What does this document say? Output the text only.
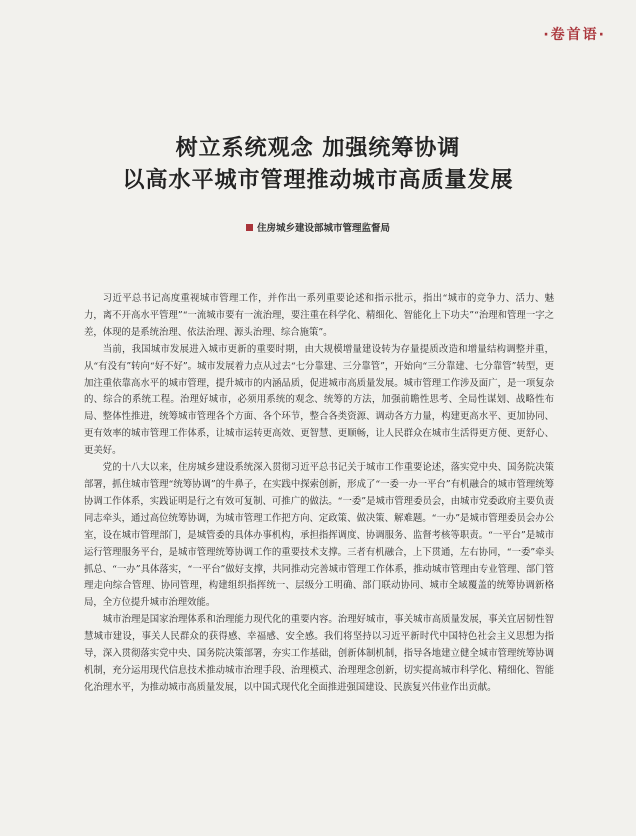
·卷首语·
树立系统观念 加强统筹协调
以高水平城市管理推动城市高质量发展
住房城乡建设部城市管理监督局

习近平总书记高度重视城市管理工作，并作出一系列重要论述和指示批示，指出“城市的竞争力、活力、魅力，离不开高水平管理”“一流城市要有一流治理，要注重在科学化、精细化、智能化上下功夫”“治理和管理一字之差，体现的是系统治理、依法治理、源头治理、综合施策”。

当前，我国城市发展进入城市更新的重要时期，由大规模增量建设转为存量提质改造和增量结构调整并重，从“有没有”转向“好不好”。城市发展着力点从过去“七分靠建、三分靠管”，开始向“三分靠建、七分靠管”转型，更加注重依靠高水平的城市管理，提升城市的内涵品质，促进城市高质量发展。城市管理工作涉及面广，是一项复杂的、综合的系统工程。治理好城市，必须用系统的观念、统筹的方法，加强前瞻性思考、全局性谋划、战略性布局、整体性推进，统筹城市管理各个方面、各个环节，整合各类资源、调动各方力量，构建更高水平、更加协同、更有效率的城市管理工作体系，让城市运转更高效、更智慧、更顺畅，让人民群众在城市生活得更方便、更舒心、更美好。

党的十八大以来，住房城乡建设系统深入贯彻习近平总书记关于城市工作重要论述，落实党中央、国务院决策部署，抓住城市管理“统筹协调”的牛鼻子，在实践中探索创新，形成了“一委一办一平台”有机融合的城市管理统筹协调工作体系，实践证明是行之有效可复制、可推广的做法。“一委”是城市管理委员会，由城市党委政府主要负责同志牵头，通过高位统筹协调，为城市管理工作把方向、定政策、做决策、解难题。“一办”是城市管理委员会办公室，设在城市管理部门，是城管委的具体办事机构，承担指挥调度、协调服务、监督考核等职责。“一平台”是城市运行管理服务平台，是城市管理统筹协调工作的重要技术支撑。三者有机融合，上下贯通，左右协同，“一委”牵头抓总、“一办”具体落实，“一平台”做好支撑，共同推动完善城市管理工作体系，推动城市管理由专业管理、部门管理走向综合管理、协同管理，构建组织指挥统一、层级分工明确、部门联动协同、城市全域覆盖的统筹协调新格局，全方位提升城市治理效能。

城市治理是国家治理体系和治理能力现代化的重要内容。治理好城市，事关城市高质量发展，事关宜居韧性智慧城市建设，事关人民群众的获得感、幸福感、安全感。我们将坚持以习近平新时代中国特色社会主义思想为指导，深入贯彻落实党中央、国务院决策部署，夯实工作基础，创新体制机制，指导各地建立健全城市管理统筹协调机制，充分运用现代信息技术推动城市治理手段、治理模式、治理理念创新，切实提高城市科学化、精细化、智能化治理水平，为推动城市高质量发展，以中国式现代化全面推进强国建设、民族复兴伟业作出贡献。
